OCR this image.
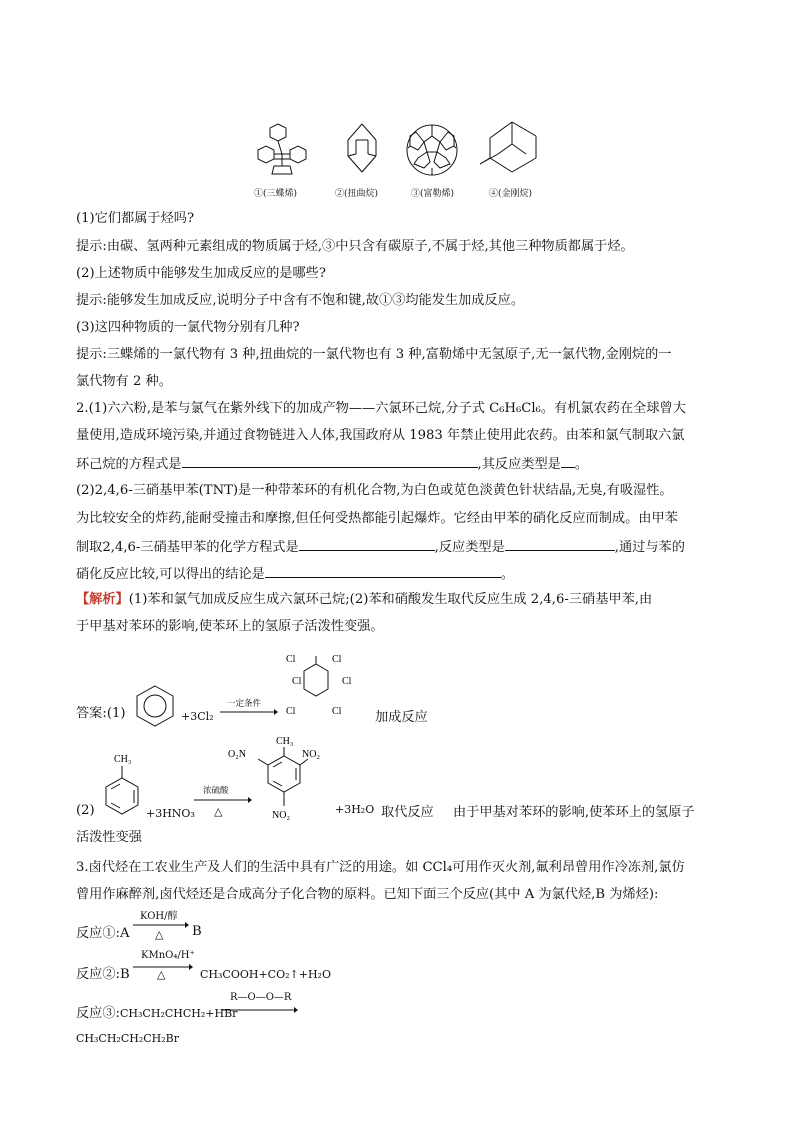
①(三蝶烯)	②(扭曲烷)	③(富勒烯)	④(金刚烷)
(1)它们都属于烃吗?
提示:由碳、氢两种元素组成的物质属于烃,③中只含有碳原子,不属于烃,其他三种物质都属于烃。
(2)上述物质中能够发生加成反应的是哪些?
提示:能够发生加成反应,说明分子中含有不饱和键,故①③均能发生加成反应。
(3)这四种物质的一氯代物分别有几种?
提示:三蝶烯的一氯代物有 3 种,扭曲烷的一氯代物也有 3 种,富勒烯中无氢原子,无一氯代物,金刚烷的一
氯代物有 2 种。
2.(1)六六粉,是苯与氯气在紫外线下的加成产物——六氯环己烷,分子式 C₆H₆Cl₆。有机氯农药在全球曾大
量使用,造成环境污染,并通过食物链进入人体,我国政府从 1983 年禁止使用此农药。由苯和氯气制取六氯
环己烷的方程式是	,其反应类型是 。
(2)2,4,6-三硝基甲苯(TNT)是一种带苯环的有机化合物,为白色或苋色淡黄色针状结晶,无臭,有吸湿性。
为比较安全的炸药,能耐受撞击和摩擦,但任何受热都能引起爆炸。它经由甲苯的硝化反应而制成。由甲苯
制取2,4,6-三硝基甲苯的化学方程式是	,反应类型是	,通过与苯的
硝化反应比较,可以得出的结论是	。
【解析】(1)苯和氯气加成反应生成六氯环己烷;(2)苯和硝酸发生取代反应生成 2,4,6-三硝基甲苯,由
于甲基对苯环的影响,使苯环上的氢原子活泼性变强。
答案:(1)	+3Cl₂
一定条件
Cl	Cl
Cl	Cl
Cl	Cl	加成反应
(2)
CH₃
+3HNO₃
浓硫酸
△
CH₃
O₂N	NO₂
NO₂	+3H₂O 取代反应 由于甲基对苯环的影响,使苯环上的氢原子
活泼性变强
3.卤代烃在工农业生产及人们的生活中具有广泛的用途。如 CCl₄可用作灭火剂,氟利昂曾用作冷冻剂,氯仿
曾用作麻醉剂,卤代烃还是合成高分子化合物的原料。已知下面三个反应(其中 A 为氯代烃,B 为烯烃):
反应①:A
KOH/醇
△ B
反应②:B
KMnO₄/H⁺
△	CH₃COOH+CO₂↑+H₂O
反应③:CH₃CH₂CHCH₂+HBr
R—O—O—R
CH₃CH₂CH₂CH₂Br
